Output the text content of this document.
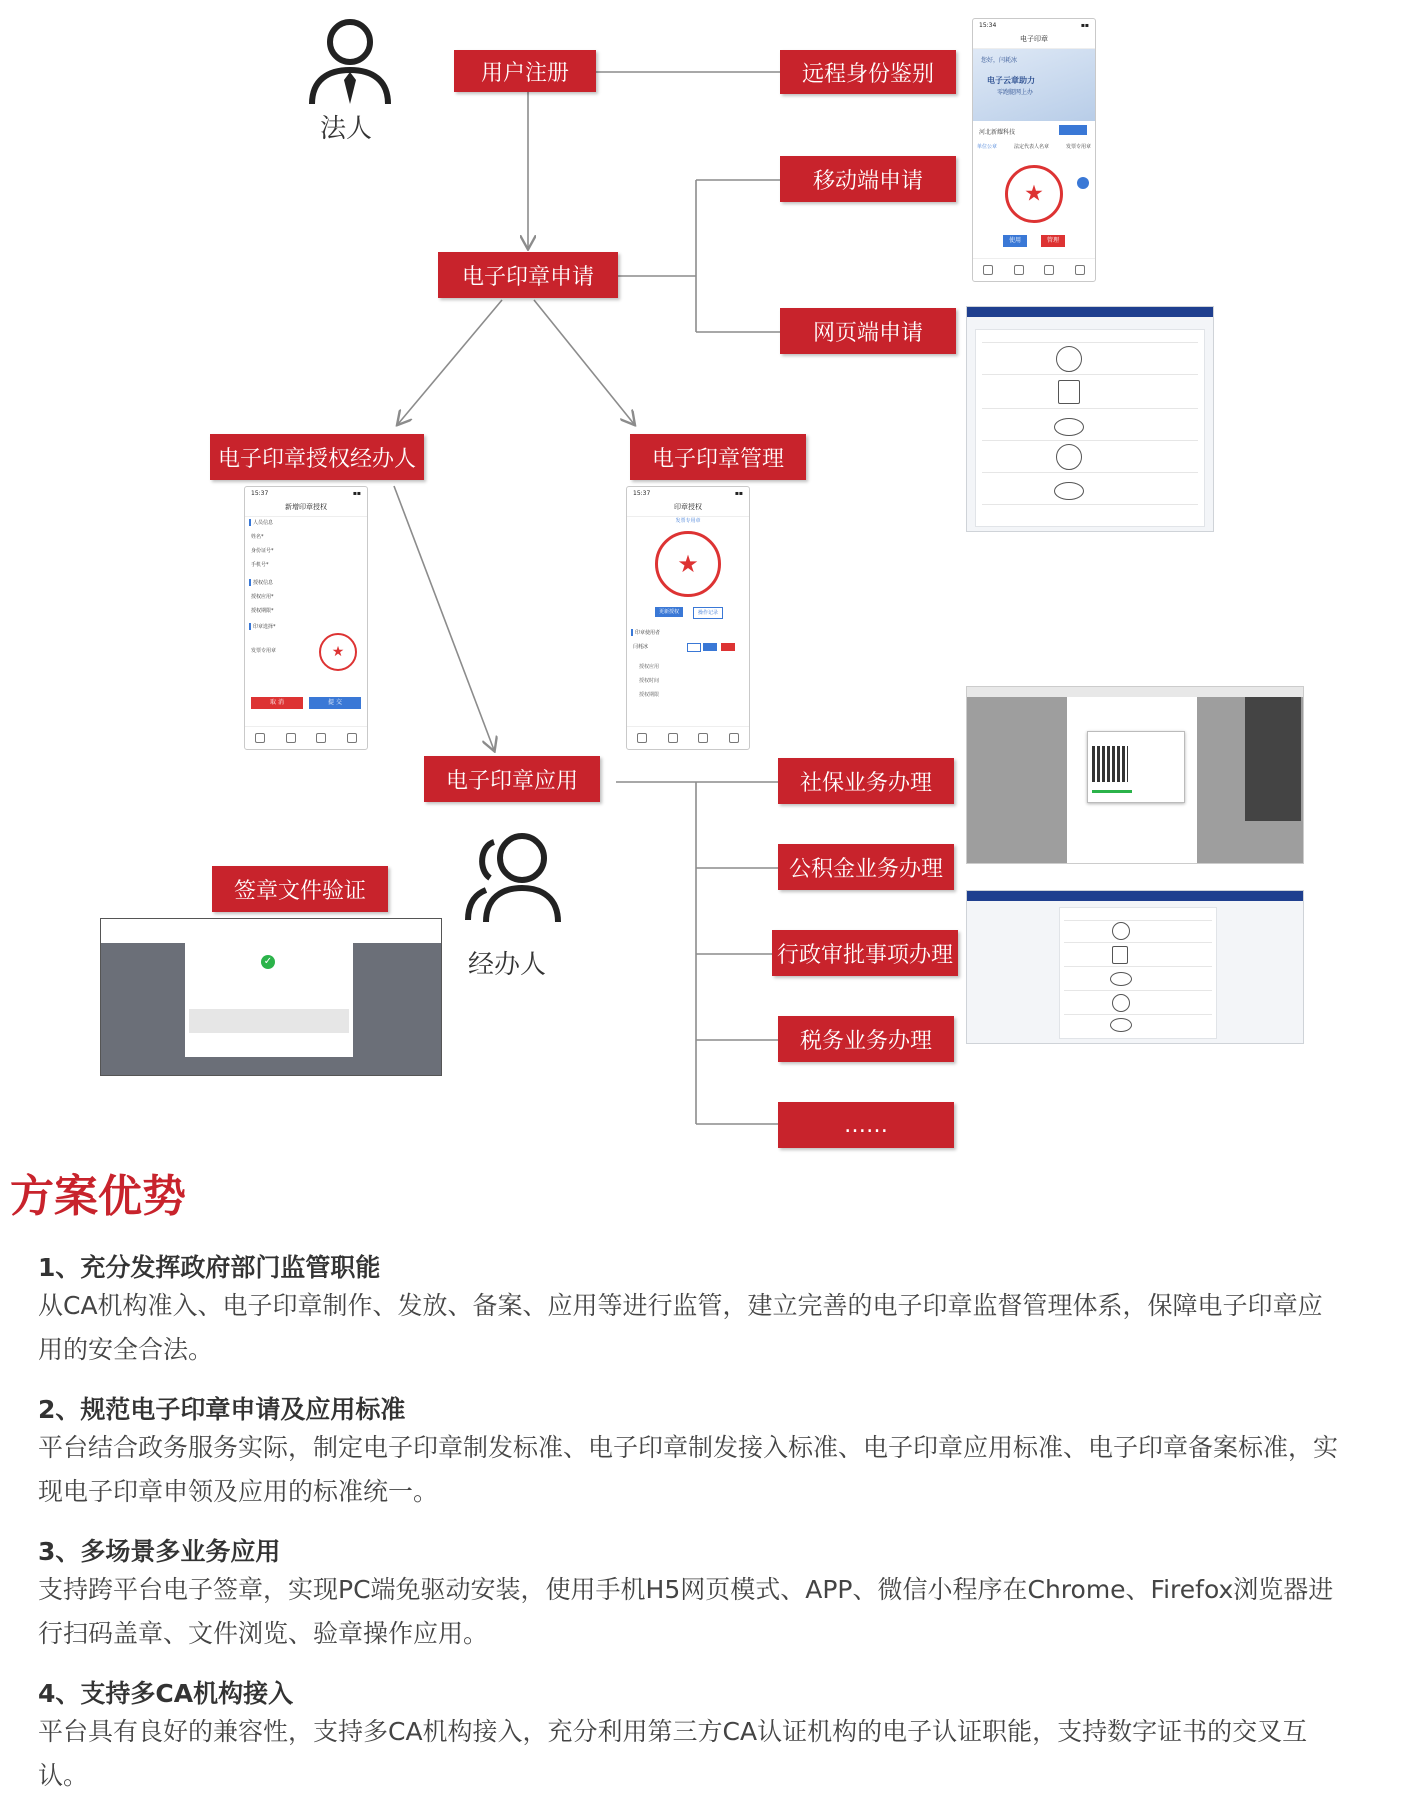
法人
经办人
用户注册	远程身份鉴别
移动端申请
电子印章申请
网页端申请
电子印章授权经办人	电子印章管理
电子印章应用
签章文件验证
社保业务办理
公积金业务办理
行政审批事项办理
税务业务办理
……
15:34	▪▪
电子印章
您好，闫耗冰
电子云章助力
零跑腿网上办
河北新耀科技
单位公章	法定代表人名章	发票专用章
★
使用	管理
15:37	▪▪
新增印章授权
人员信息
姓名*
身份证号*
手机号*
授权信息
授权应用*
授权期限*
印章选择*
发票专用章	★
取 消	提 交
15:37	▪▪
印章授权
发票专用章
★
更新授权	操作记录
印章使用者
闫耗冰
授权应用
授权时间
授权期限
✓
方案优势
1、充分发挥政府部门监管职能
从CA机构准入、电子印章制作、发放、备案、应用等进行监管，建立完善的电子印章监督管理体系，保障电子印章应用的安全合法。
2、规范电子印章申请及应用标准
平台结合政务服务实际，制定电子印章制发标准、电子印章制发接入标准、电子印章应用标准、电子印章备案标准，实现电子印章申领及应用的标准统一。
3、多场景多业务应用
支持跨平台电子签章，实现PC端免驱动安装，使用手机H5网页模式、APP、微信小程序在Chrome、Firefox浏览器进行扫码盖章、文件浏览、验章操作应用。
4、支持多CA机构接入
平台具有良好的兼容性，支持多CA机构接入，充分利用第三方CA认证机构的电子认证职能，支持数字证书的交叉互认。
